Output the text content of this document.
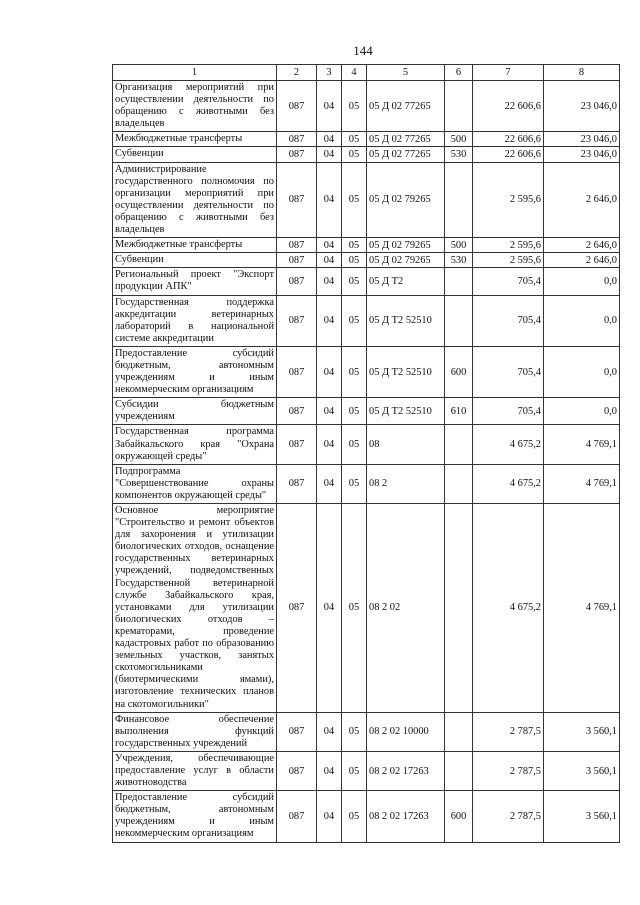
144
1	2	3	4	5	6	7	8
Организация мероприятий при осуществлении деятельности по обращению с животными без владельцев	087	04	05	05 Д 02 77265		22 606,6	23 046,0
Межбюджетные трансферты	087	04	05	05 Д 02 77265	500	22 606,6	23 046,0
Субвенции	087	04	05	05 Д 02 77265	530	22 606,6	23 046,0
Администрирование государственного полномочия по организации мероприятий при осуществлении деятельности по обращению с животными без владельцев	087	04	05	05 Д 02 79265		2 595,6	2 646,0
Межбюджетные трансферты	087	04	05	05 Д 02 79265	500	2 595,6	2 646,0
Субвенции	087	04	05	05 Д 02 79265	530	2 595,6	2 646,0
Региональный проект "Экспорт продукции АПК"	087	04	05	05 Д Т2		705,4	0,0
Государственная поддержка аккредитации ветеринарных лабораторий в национальной системе аккредитации	087	04	05	05 Д Т2 52510		705,4	0,0
Предоставление субсидий бюджетным, автономным учреждениям и иным некоммерческим организациям	087	04	05	05 Д Т2 52510	600	705,4	0,0
Субсидии бюджетным учреждениям	087	04	05	05 Д Т2 52510	610	705,4	0,0
Государственная программа Забайкальского края "Охрана окружающей среды"	087	04	05	08		4 675,2	4 769,1
Подпрограмма "Совершенствование охраны компонентов окружающей среды"	087	04	05	08 2		4 675,2	4 769,1
Основное мероприятие "Строительство и ремонт объектов для захоронения и утилизации биологических отходов, оснащение государственных ветеринарных учреждений, подведомственных Государственной ветеринарной службе Забайкальского края, установками для утилизации биологических отходов – крематорами, проведение кадастровых работ по образованию земельных участков, занятых скотомогильниками (биотермическими ямами), изготовление технических планов на скотомогильники"	087	04	05	08 2 02		4 675,2	4 769,1
Финансовое обеспечение выполнения функций государственных учреждений	087	04	05	08 2 02 10000		2 787,5	3 560,1
Учреждения, обеспечивающие предоставление услуг в области животноводства	087	04	05	08 2 02 17263		2 787,5	3 560,1
Предоставление субсидий бюджетным, автономным учреждениям и иным некоммерческим организациям	087	04	05	08 2 02 17263	600	2 787,5	3 560,1
